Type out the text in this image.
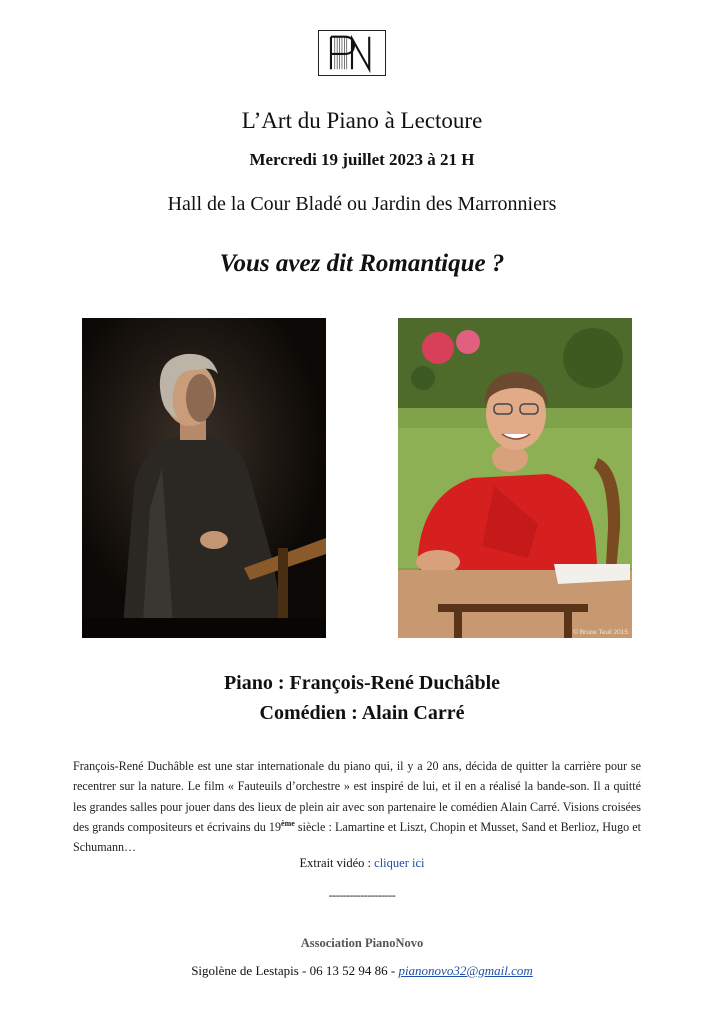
L’Art du Piano à Lectoure
Mercredi 19 juillet 2023 à 21 H
Hall de la Cour Bladé ou Jardin des Marronniers
Vous avez dit Romantique ?
© Bruce Teuil 2015
Piano : François-René Duchâble
Comédien : Alain Carré
François-René Duchâble est une star internationale du piano qui, il y a 20 ans, décida de quitter la carrière pour se recentrer sur la nature. Le film « Fauteuils d’orchestre » est inspiré de lui, et il en a réalisé la bande-son. Il a quitté les grandes salles pour jouer dans des lieux de plein air avec son partenaire le comédien Alain Carré. Visions croisées des grands compositeurs et écrivains du 19ème siècle : Lamartine et Liszt, Chopin et Musset, Sand et Berlioz, Hugo et Schumann…
Extrait vidéo : cliquer ici
-------------------
Association PianoNovo
Sigolène de Lestapis - 06 13 52 94 86 - pianonovo32@gmail.com
